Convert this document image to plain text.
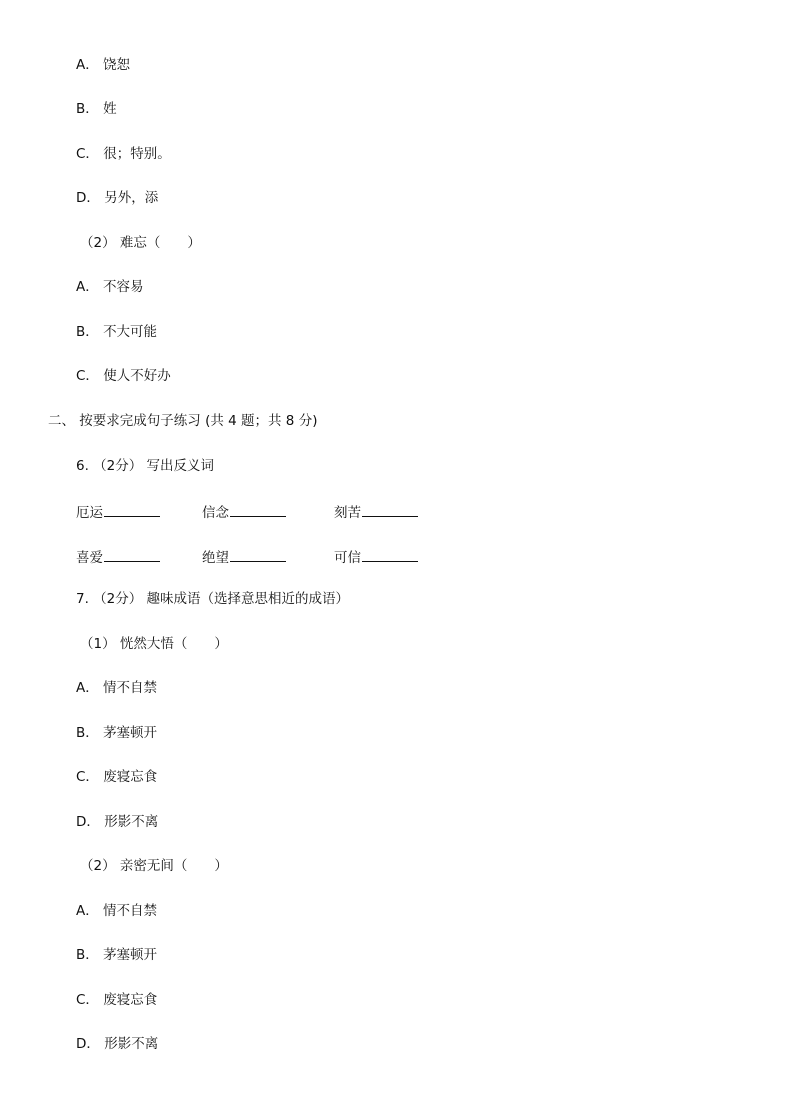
A． 饶恕
B． 姓
C． 很；特别。
D． 另外，添
（2） 难忘（　　）
A． 不容易
B． 不大可能
C． 使人不好办
二、 按要求完成句子练习 (共 4 题；共 8 分)
6. （2分） 写出反义词
厄运	信念	刻苦
喜爱	绝望	可信
7. （2分） 趣味成语（选择意思相近的成语）
（1） 恍然大悟（　　）
A． 情不自禁
B． 茅塞顿开
C． 废寝忘食
D． 形影不离
（2） 亲密无间（　　）
A． 情不自禁
B． 茅塞顿开
C． 废寝忘食
D． 形影不离
